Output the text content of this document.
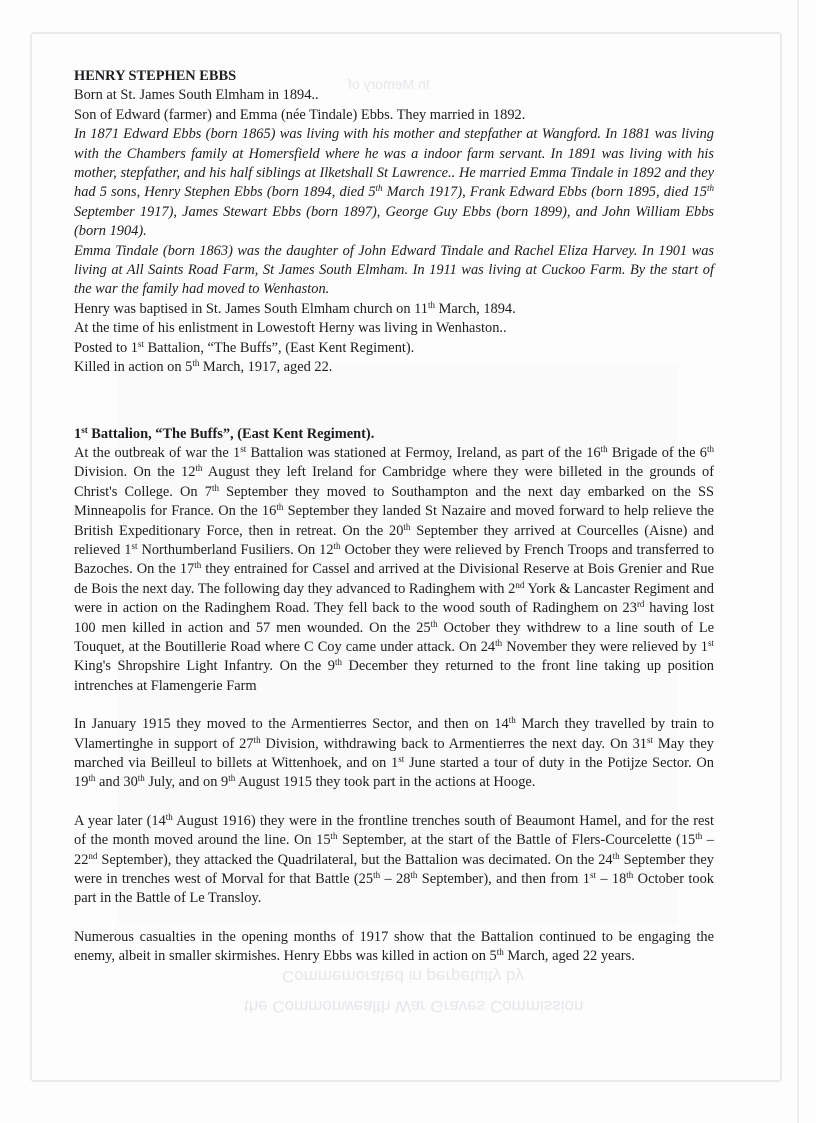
In Memory of
Commemorated in perpetuity by
the Commonwealth War Graves Commission

HENRY STEPHEN EBBS

Born at St. James South Elmham in 1894..

Son of Edward (farmer) and Emma (née Tindale) Ebbs. They married in 1892.

In 1871 Edward Ebbs (born 1865) was living with his mother and stepfather at Wangford. In 1881 was living with the Chambers family at Homersfield where he was a indoor farm servant. In 1891 was living with his mother, stepfather, and his half siblings at Ilketshall St Lawrence.. He married Emma Tindale in 1892 and they had 5 sons, Henry Stephen Ebbs (born 1894, died 5th March 1917), Frank Edward Ebbs (born 1895, died 15th September 1917), James Stewart Ebbs (born 1897), George Guy Ebbs (born 1899), and John William Ebbs (born 1904).

Emma Tindale (born 1863) was the daughter of John Edward Tindale and Rachel Eliza Harvey. In 1901 was living at All Saints Road Farm, St James South Elmham. In 1911 was living at Cuckoo Farm. By the start of the war the family had moved to Wenhaston.

Henry was baptised in St. James South Elmham church on 11th March, 1894.

At the time of his enlistment in Lowestoft Herny was living in Wenhaston..

Posted to 1st Battalion, “The Buffs”, (East Kent Regiment).

Killed in action on 5th March, 1917, aged 22.

1st Battalion, “The Buffs”, (East Kent Regiment).

At the outbreak of war the 1st Battalion was stationed at Fermoy, Ireland, as part of the 16th Brigade of the 6th Division. On the 12th August they left Ireland for Cambridge where they were billeted in the grounds of Christ's College. On 7th September they moved to Southampton and the next day embarked on the SS Minneapolis for France. On the 16th September they landed St Nazaire and moved forward to help relieve the British Expeditionary Force, then in retreat. On the 20th September they arrived at Courcelles (Aisne) and relieved 1st Northumberland Fusiliers. On 12th October they were relieved by French Troops and transferred to Bazoches. On the 17th they entrained for Cassel and arrived at the Divisional Reserve at Bois Grenier and Rue de Bois the next day. The following day they advanced to Radinghem with 2nd York & Lancaster Regiment and were in action on the Radinghem Road. They fell back to the wood south of Radinghem on 23rd having lost 100 men killed in action and 57 men wounded. On the 25th October they withdrew to a line south of Le Touquet, at the Boutillerie Road where C Coy came under attack. On 24th November they were relieved by 1st King's Shropshire Light Infantry. On the 9th December they returned to the front line taking up position intrenches at Flamengerie Farm

In January 1915 they moved to the Armentierres Sector, and then on 14th March they travelled by train to Vlamertinghe in support of 27th Division, withdrawing back to Armentierres the next day. On 31st May they marched via Beilleul to billets at Wittenhoek, and on 1st June started a tour of duty in the Potijze Sector. On 19th and 30th July, and on 9th August 1915 they took part in the actions at Hooge.

A year later (14th August 1916) they were in the frontline trenches south of Beaumont Hamel, and for the rest of the month moved around the line. On 15th September, at the start of the Battle of Flers-Courcelette (15th – 22nd September), they attacked the Quadrilateral, but the Battalion was decimated. On the 24th September they were in trenches west of Morval for that Battle (25th – 28th September), and then from 1st – 18th October took part in the Battle of Le Transloy.

Numerous casualties in the opening months of 1917 show that the Battalion continued to be engaging the enemy, albeit in smaller skirmishes. Henry Ebbs was killed in action on 5th March, aged 22 years.
